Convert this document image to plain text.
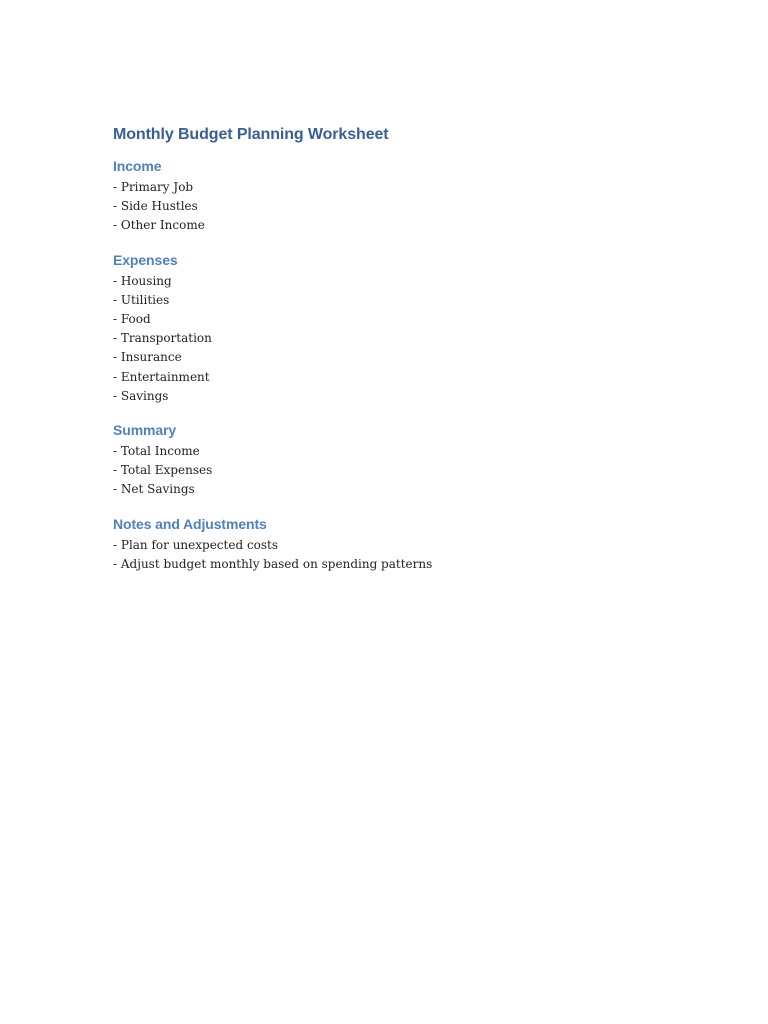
Monthly Budget Planning Worksheet
Income
- Primary Job
- Side Hustles
- Other Income
Expenses
- Housing
- Utilities
- Food
- Transportation
- Insurance
- Entertainment
- Savings
Summary
- Total Income
- Total Expenses
- Net Savings
Notes and Adjustments
- Plan for unexpected costs
- Adjust budget monthly based on spending patterns
